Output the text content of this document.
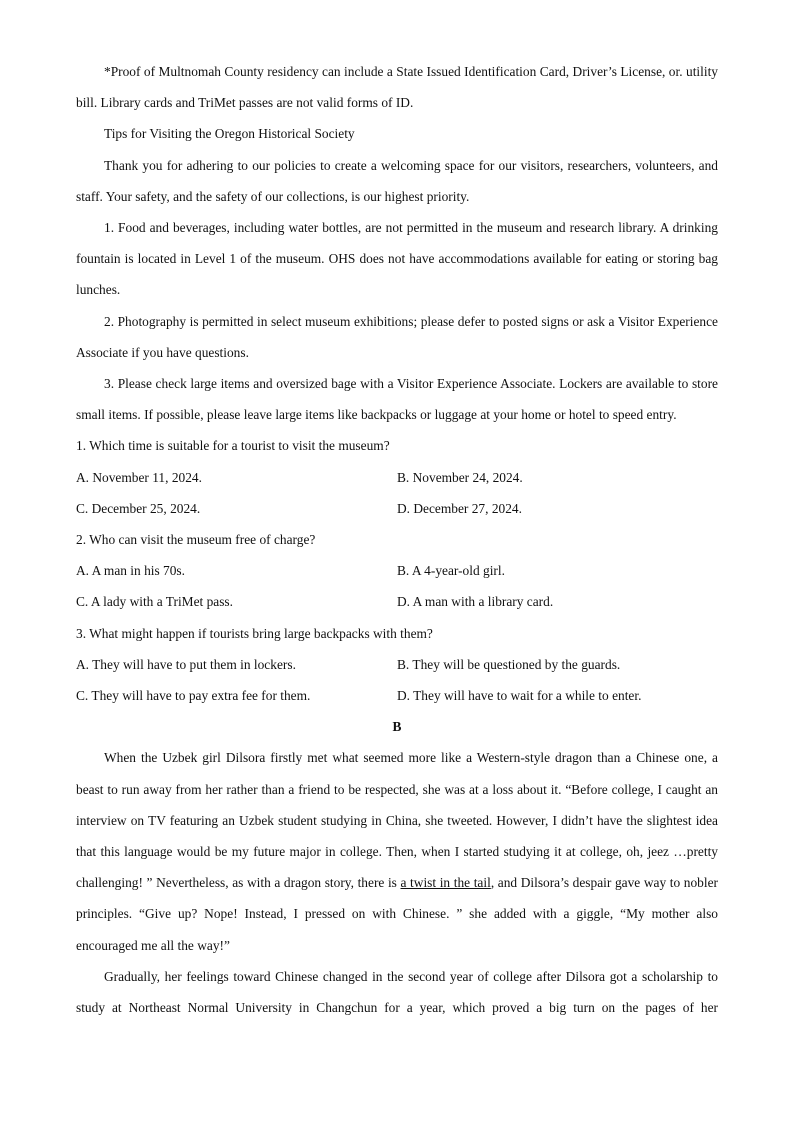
*Proof of Multnomah County residency can include a State Issued Identification Card, Driver’s License, or. utility bill. Library cards and TriMet passes are not valid forms of ID.

Tips for Visiting the Oregon Historical Society

Thank you for adhering to our policies to create a welcoming space for our visitors, researchers, volunteers, and staff. Your safety, and the safety of our collections, is our highest priority.

1. Food and beverages, including water bottles, are not permitted in the museum and research library. A drinking fountain is located in Level 1 of the museum. OHS does not have accommodations available for eating or storing bag lunches.

2. Photography is permitted in select museum exhibitions; please defer to posted signs or ask a Visitor Experience Associate if you have questions.

3. Please check large items and oversized bage with a Visitor Experience Associate. Lockers are available to store small items. If possible, please leave large items like backpacks or luggage at your home or hotel to speed entry.

1. Which time is suitable for a tourist to visit the museum?

A. November 11, 2024.	B. November 24, 2024.
C. December 25, 2024.	D. December 27, 2024.

2. Who can visit the museum free of charge?

A. A man in his 70s.	B. A 4-year-old girl.
C. A lady with a TriMet pass.	D. A man with a library card.

3. What might happen if tourists bring large backpacks with them?

A. They will have to put them in lockers.	B. They will be questioned by the guards.
C. They will have to pay extra fee for them.	D. They will have to wait for a while to enter.

B

When the Uzbek girl Dilsora firstly met what seemed more like a Western-style dragon than a Chinese one, a beast to run away from her rather than a friend to be respected, she was at a loss about it. “Before college, I caught an interview on TV featuring an Uzbek student studying in China, she tweeted. However, I didn’t have the slightest idea that this language would be my future major in college. Then, when I started studying it at college, oh, jeez …pretty challenging! ” Nevertheless, as with a dragon story, there is a twist in the tail, and Dilsora’s despair gave way to nobler principles. “Give up? Nope! Instead, I pressed on with Chinese. ” she added with a giggle, “My mother also encouraged me all the way!”

Gradually, her feelings toward Chinese changed in the second year of college after Dilsora got a scholarship to study at Northeast Normal University in Changchun for a year, which proved a big turn on the pages of her
